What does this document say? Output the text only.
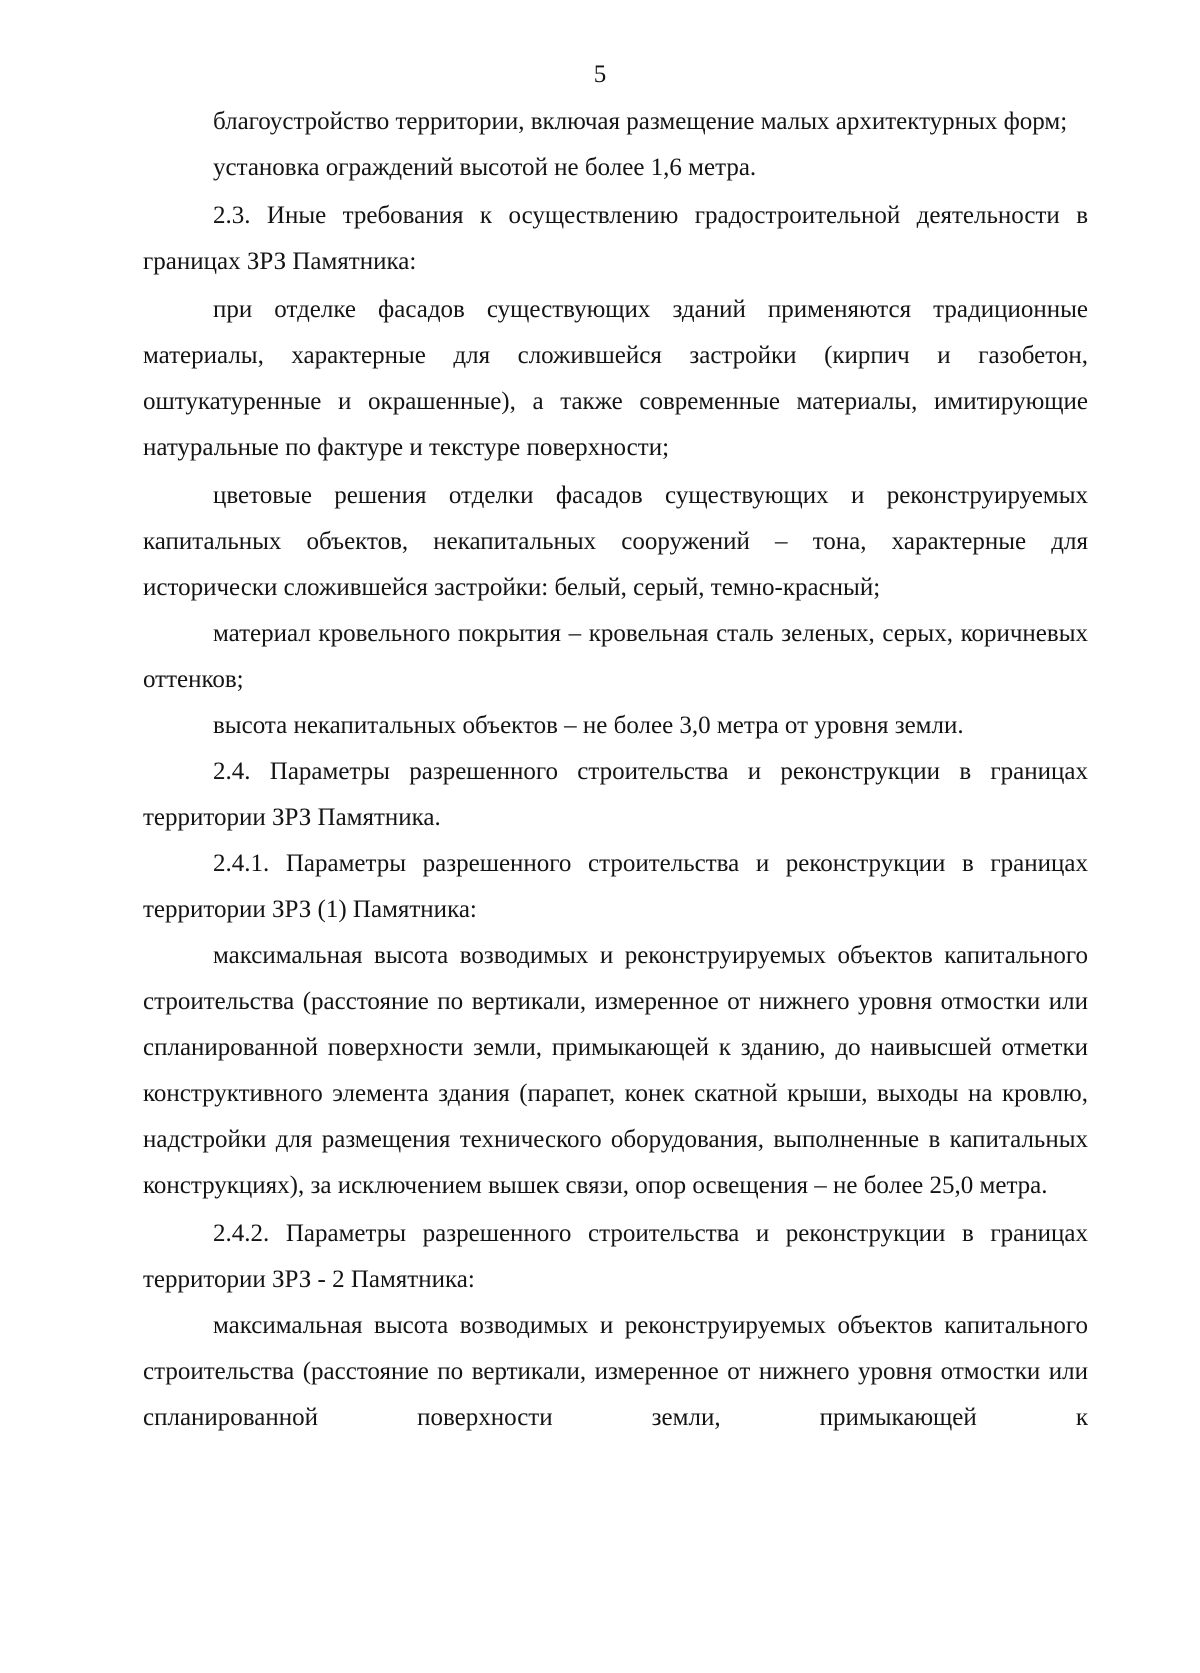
5

благоустройство территории, включая размещение малых архитектурных форм;

установка ограждений высотой не более 1,6 метра.

2.3. Иные требования к осуществлению градостроительной деятельности в границах ЗРЗ Памятника:

при отделке фасадов существующих зданий применяются традиционные материалы, характерные для сложившейся застройки (кирпич и газобетон, оштукатуренные и окрашенные), а также современные материалы, имитирующие натуральные по фактуре и текстуре поверхности;

цветовые решения отделки фасадов существующих и реконструируемых капитальных объектов, некапитальных сооружений – тона, характерные для исторически сложившейся застройки: белый, серый, темно-красный;

материал кровельного покрытия – кровельная сталь зеленых, серых, коричневых оттенков;

высота некапитальных объектов – не более 3,0 метра от уровня земли.

2.4. Параметры разрешенного строительства и реконструкции в границах территории ЗРЗ Памятника.

2.4.1. Параметры разрешенного строительства и реконструкции в границах территории ЗРЗ (1) Памятника:

максимальная высота возводимых и реконструируемых объектов капитального строительства (расстояние по вертикали, измеренное от нижнего уровня отмостки или спланированной поверхности земли, примыкающей к зданию, до наивысшей отметки конструктивного элемента здания (парапет, конек скатной крыши, выходы на кровлю, надстройки для размещения технического оборудования, выполненные в капитальных конструкциях), за исключением вышек связи, опор освещения – не более 25,0 метра.

2.4.2. Параметры разрешенного строительства и реконструкции в границах территории ЗРЗ - 2 Памятника:

максимальная высота возводимых и реконструируемых объектов капитального строительства (расстояние по вертикали, измеренное от нижнего уровня отмостки или спланированной поверхности земли, примыкающей к
